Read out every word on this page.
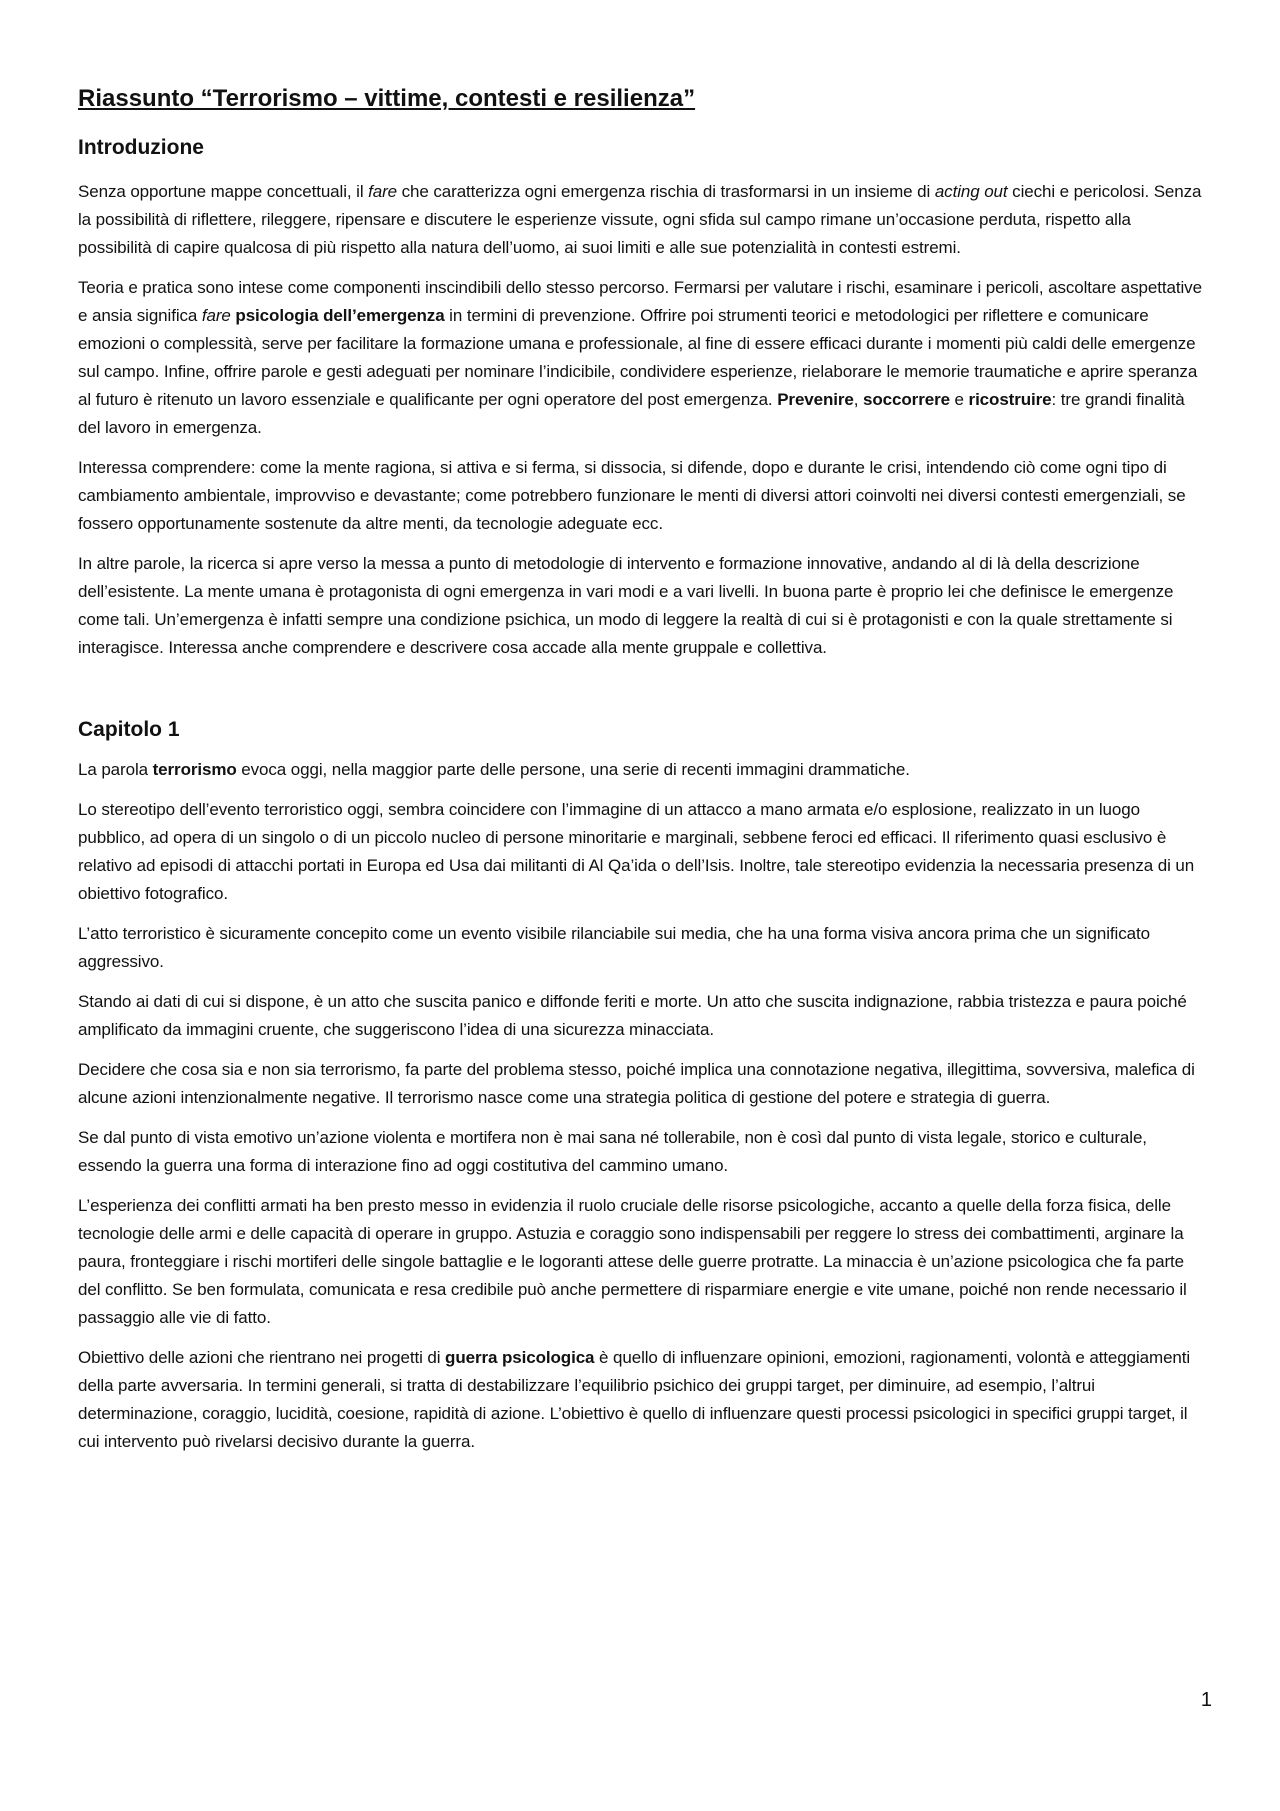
Riassunto “Terrorismo – vittime, contesti e resilienza”
Introduzione

Senza opportune mappe concettuali, il fare che caratterizza ogni emergenza rischia di trasformarsi in un insieme di acting out ciechi e pericolosi. Senza la possibilità di riflettere, rileggere, ripensare e discutere le esperienze vissute, ogni sfida sul campo rimane un’occasione perduta, rispetto alla possibilità di capire qualcosa di più rispetto alla natura dell’uomo, ai suoi limiti e alle sue potenzialità in contesti estremi.

Teoria e pratica sono intese come componenti inscindibili dello stesso percorso. Fermarsi per valutare i rischi, esaminare i pericoli, ascoltare aspettative e ansia significa fare psicologia dell’emergenza in termini di prevenzione. Offrire poi strumenti teorici e metodologici per riflettere e comunicare emozioni o complessità, serve per facilitare la formazione umana e professionale, al fine di essere efficaci durante i momenti più caldi delle emergenze sul campo. Infine, offrire parole e gesti adeguati per nominare l’indicibile, condividere esperienze, rielaborare le memorie traumatiche e aprire speranza al futuro è ritenuto un lavoro essenziale e qualificante per ogni operatore del post emergenza. Prevenire, soccorrere e ricostruire: tre grandi finalità del lavoro in emergenza.

Interessa comprendere: come la mente ragiona, si attiva e si ferma, si dissocia, si difende, dopo e durante le crisi, intendendo ciò come ogni tipo di cambiamento ambientale, improvviso e devastante; come potrebbero funzionare le menti di diversi attori coinvolti nei diversi contesti emergenziali, se fossero opportunamente sostenute da altre menti, da tecnologie adeguate ecc.

In altre parole, la ricerca si apre verso la messa a punto di metodologie di intervento e formazione innovative, andando al di là della descrizione dell’esistente. La mente umana è protagonista di ogni emergenza in vari modi e a vari livelli. In buona parte è proprio lei che definisce le emergenze come tali. Un’emergenza è infatti sempre una condizione psichica, un modo di leggere la realtà di cui si è protagonisti e con la quale strettamente si interagisce. Interessa anche comprendere e descrivere cosa accade alla mente gruppale e collettiva.

Capitolo 1

La parola terrorismo evoca oggi, nella maggior parte delle persone, una serie di recenti immagini drammatiche.

Lo stereotipo dell’evento terroristico oggi, sembra coincidere con l’immagine di un attacco a mano armata e/o esplosione, realizzato in un luogo pubblico, ad opera di un singolo o di un piccolo nucleo di persone minoritarie e marginali, sebbene feroci ed efficaci. Il riferimento quasi esclusivo è relativo ad episodi di attacchi portati in Europa ed Usa dai militanti di Al Qa’ida o dell’Isis. Inoltre, tale stereotipo evidenzia la necessaria presenza di un obiettivo fotografico.

L’atto terroristico è sicuramente concepito come un evento visibile rilanciabile sui media, che ha una forma visiva ancora prima che un significato aggressivo.

Stando ai dati di cui si dispone, è un atto che suscita panico e diffonde feriti e morte. Un atto che suscita indignazione, rabbia tristezza e paura poiché amplificato da immagini cruente, che suggeriscono l’idea di una sicurezza minacciata.

Decidere che cosa sia e non sia terrorismo, fa parte del problema stesso, poiché implica una connotazione negativa, illegittima, sovversiva, malefica di alcune azioni intenzionalmente negative. Il terrorismo nasce come una strategia politica di gestione del potere e strategia di guerra.

Se dal punto di vista emotivo un’azione violenta e mortifera non è mai sana né tollerabile, non è così dal punto di vista legale, storico e culturale, essendo la guerra una forma di interazione fino ad oggi costitutiva del cammino umano.

L’esperienza dei conflitti armati ha ben presto messo in evidenzia il ruolo cruciale delle risorse psicologiche, accanto a quelle della forza fisica, delle tecnologie delle armi e delle capacità di operare in gruppo. Astuzia e coraggio sono indispensabili per reggere lo stress dei combattimenti, arginare la paura, fronteggiare i rischi mortiferi delle singole battaglie e le logoranti attese delle guerre protratte. La minaccia è un’azione psicologica che fa parte del conflitto. Se ben formulata, comunicata e resa credibile può anche permettere di risparmiare energie e vite umane, poiché non rende necessario il passaggio alle vie di fatto.

Obiettivo delle azioni che rientrano nei progetti di guerra psicologica è quello di influenzare opinioni, emozioni, ragionamenti, volontà e atteggiamenti della parte avversaria. In termini generali, si tratta di destabilizzare l’equilibrio psichico dei gruppi target, per diminuire, ad esempio, l’altrui determinazione, coraggio, lucidità, coesione, rapidità di azione. L’obiettivo è quello di influenzare questi processi psicologici in specifici gruppi target, il cui intervento può rivelarsi decisivo durante la guerra.

1
